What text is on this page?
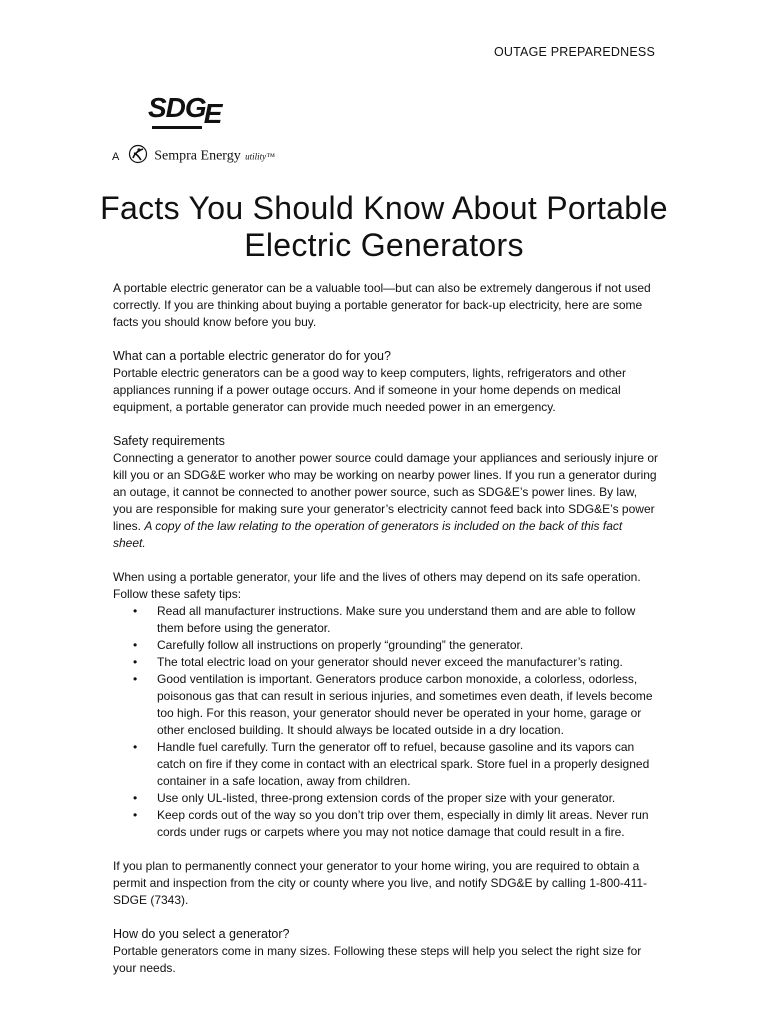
OUTAGE PREPAREDNESS
SDGE
A Sempra Energy utility™
Facts You Should Know About Portable
Electric Generators

A portable electric generator can be a valuable tool—but can also be extremely dangerous if not used correctly. If you are thinking about buying a portable generator for back-up electricity, here are some facts you should know before you buy.

What can a portable electric generator do for you?

Portable electric generators can be a good way to keep computers, lights, refrigerators and other appliances running if a power outage occurs. And if someone in your home depends on medical equipment, a portable generator can provide much needed power in an emergency.

Safety requirements

Connecting a generator to another power source could damage your appliances and seriously injure or kill you or an SDG&E worker who may be working on nearby power lines. If you run a generator during an outage, it cannot be connected to another power source, such as SDG&E’s power lines. By law, you are responsible for making sure your generator’s electricity cannot feed back into SDG&E’s power lines. A copy of the law relating to the operation of generators is included on the back of this fact sheet.

When using a portable generator, your life and the lives of others may depend on its safe operation. Follow these safety tips:

• Read all manufacturer instructions. Make sure you understand them and are able to follow them before using the generator.
• Carefully follow all instructions on properly “grounding” the generator.
• The total electric load on your generator should never exceed the manufacturer’s rating.
• Good ventilation is important. Generators produce carbon monoxide, a colorless, odorless, poisonous gas that can result in serious injuries, and sometimes even death, if levels become too high. For this reason, your generator should never be operated in your home, garage or other enclosed building. It should always be located outside in a dry location.
• Handle fuel carefully. Turn the generator off to refuel, because gasoline and its vapors can catch on fire if they come in contact with an electrical spark. Store fuel in a properly designed container in a safe location, away from children.
• Use only UL-listed, three-prong extension cords of the proper size with your generator.
• Keep cords out of the way so you don’t trip over them, especially in dimly lit areas. Never run cords under rugs or carpets where you may not notice damage that could result in a fire.

If you plan to permanently connect your generator to your home wiring, you are required to obtain a permit and inspection from the city or county where you live, and notify SDG&E by calling 1-800-411-SDGE (7343).

How do you select a generator?

Portable generators come in many sizes. Following these steps will help you select the right size for your needs.
